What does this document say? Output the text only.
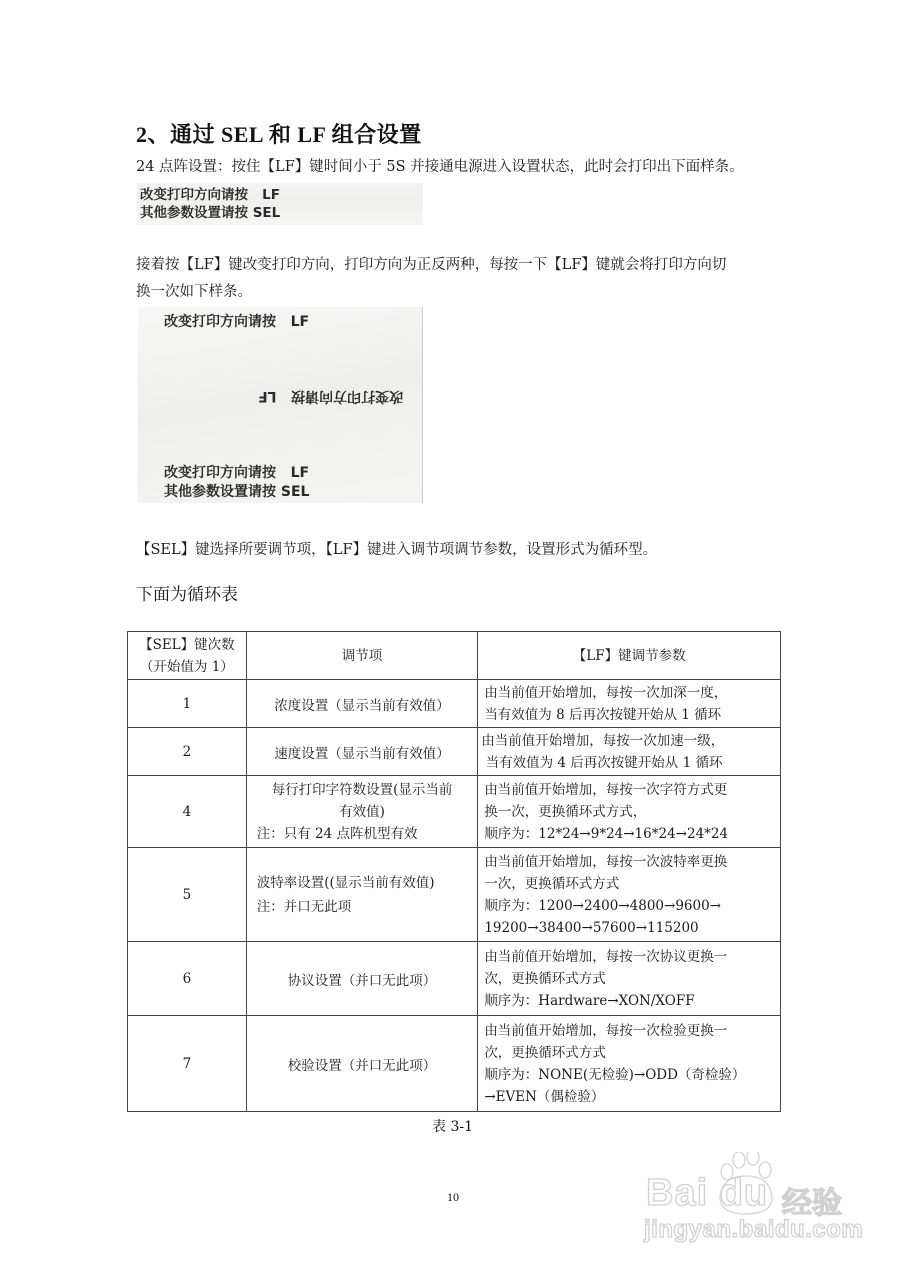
2、通过 SEL 和 LF 组合设置
24 点阵设置：按住【LF】键时间小于 5S 并接通电源进入设置状态，此时会打印出下面样条。
改变打印方向请按   LF
其他参数设置请按 SEL
接着按【LF】键改变打印方向，打印方向为正反两种，每按一下【LF】键就会将打印方向切
换一次如下样条。
改变打印方向请按   LF
改变打印方向请按   LF
改变打印方向请按   LF
其他参数设置请按 SEL
【SEL】键选择所要调节项，【LF】键进入调节项调节参数，设置形式为循环型。
下面为循环表
【SEL】键次数
（开始值为 1）	调节项	【LF】键调节参数
1	浓度设置（显示当前有效值）	由当前值开始增加，每按一次加深一度，
当有效值为 8 后再次按键开始从 1 循环

2	速度设置（显示当前有效值）	由当前值开始增加，每按一次加速一级，
当有效值为 4 后再次按键开始从 1 循环

4	每行打印字符数设置(显示当前
有效值)
注：只有 24 点阵机型有效	由当前值开始增加，每按一次字符方式更
换一次，更换循环式方式，
顺序为：12*24→9*24→16*24→24*24

5	波特率设置((显示当前有效值)
注：并口无此项	由当前值开始增加，每按一次波特率更换
一次，更换循环式方式
顺序为：1200→2400→4800→9600→
19200→38400→57600→115200

6	协议设置（并口无此项）	由当前值开始增加，每按一次协议更换一
次，更换循环式方式
顺序为：Hardware→XON/XOFF

7	校验设置（并口无此项）	由当前值开始增加，每按一次检验更换一
次，更换循环式方式
顺序为：NONE(无检验)→ODD（奇检验）
→EVEN（偶检验）
表 3-1
10	Bai du 经验
jingyan.baidu.com
